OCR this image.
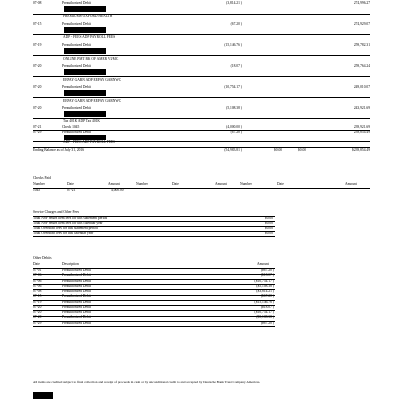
07-08	Preauthorized Debit	(3,814.21 )	274,996.27
PREMIUMS OXFORD HEALTH
07-15	Preauthorized Debit	(67.20 )	274,929.07
ADP - FEES ADP PAYROLL FEES
07-19	Preauthorized Debit	(15,146.76 )	259,782.31
ONLINE PMT BK OF AMER VI/MC
07-20	Preauthorized Debit	(18.07 )	259,764.24
EEPAY GARN ADP EEPAY GARNWC
07-20	Preauthorized Debit	(10,754.17 )	249,010.07
EEPAY GARN ADP EEPAY GARNWC
07-20	Preauthorized Debit	(5,108.38 )	243,921.69
Tax 401K ADP Tax 401K
07-21	Check 1045	(4,000.00 )	239,921.69
07-29	Preauthorized Debit	(67.20 )	239,854.49
ADP - FEES ADP PAYROLL FEES
Ending Balance as of July 31, 2016	(54,983.81 )	$0.00	$0.00	$239,854.49
Checks Paid
Number	Date	Amount	Number	Date	Amount	Number	Date	Amount
1045	07-21	4,000.00
Service Charges and Other Fees
Total NSF return item fees for this statement period	$0.00
Total NSF return item fees for this calendar year	$0.00
Total Overdraft fees for this statement period	$0.00
Total Overdraft fees for this calendar year	$0.00
Other Debits
Date	Description	Amount
07-01	Preauthorized Debit	($67.20 )
07-06	Preauthorized Debit	($18.07 )
07-06	Preauthorized Debit	($10,754.17 )
07-06	Preauthorized Debit	($5,108.38 )
07-08	Preauthorized Debit	($3,814.21 )
07-15	Preauthorized Debit	($67.20 )
07-19	Preauthorized Debit	($15,146.76 )
07-20	Preauthorized Debit	($18.07 )
07-20	Preauthorized Debit	($10,754.17 )
07-20	Preauthorized Debit	($5,108.38 )
07-29	Preauthorized Debit	($67.20 )
All items are credited subject to final collection and receipt of proceeds in cash or by unconditional credit to and accepted by Deutsche Bank Trust Company Americas.
